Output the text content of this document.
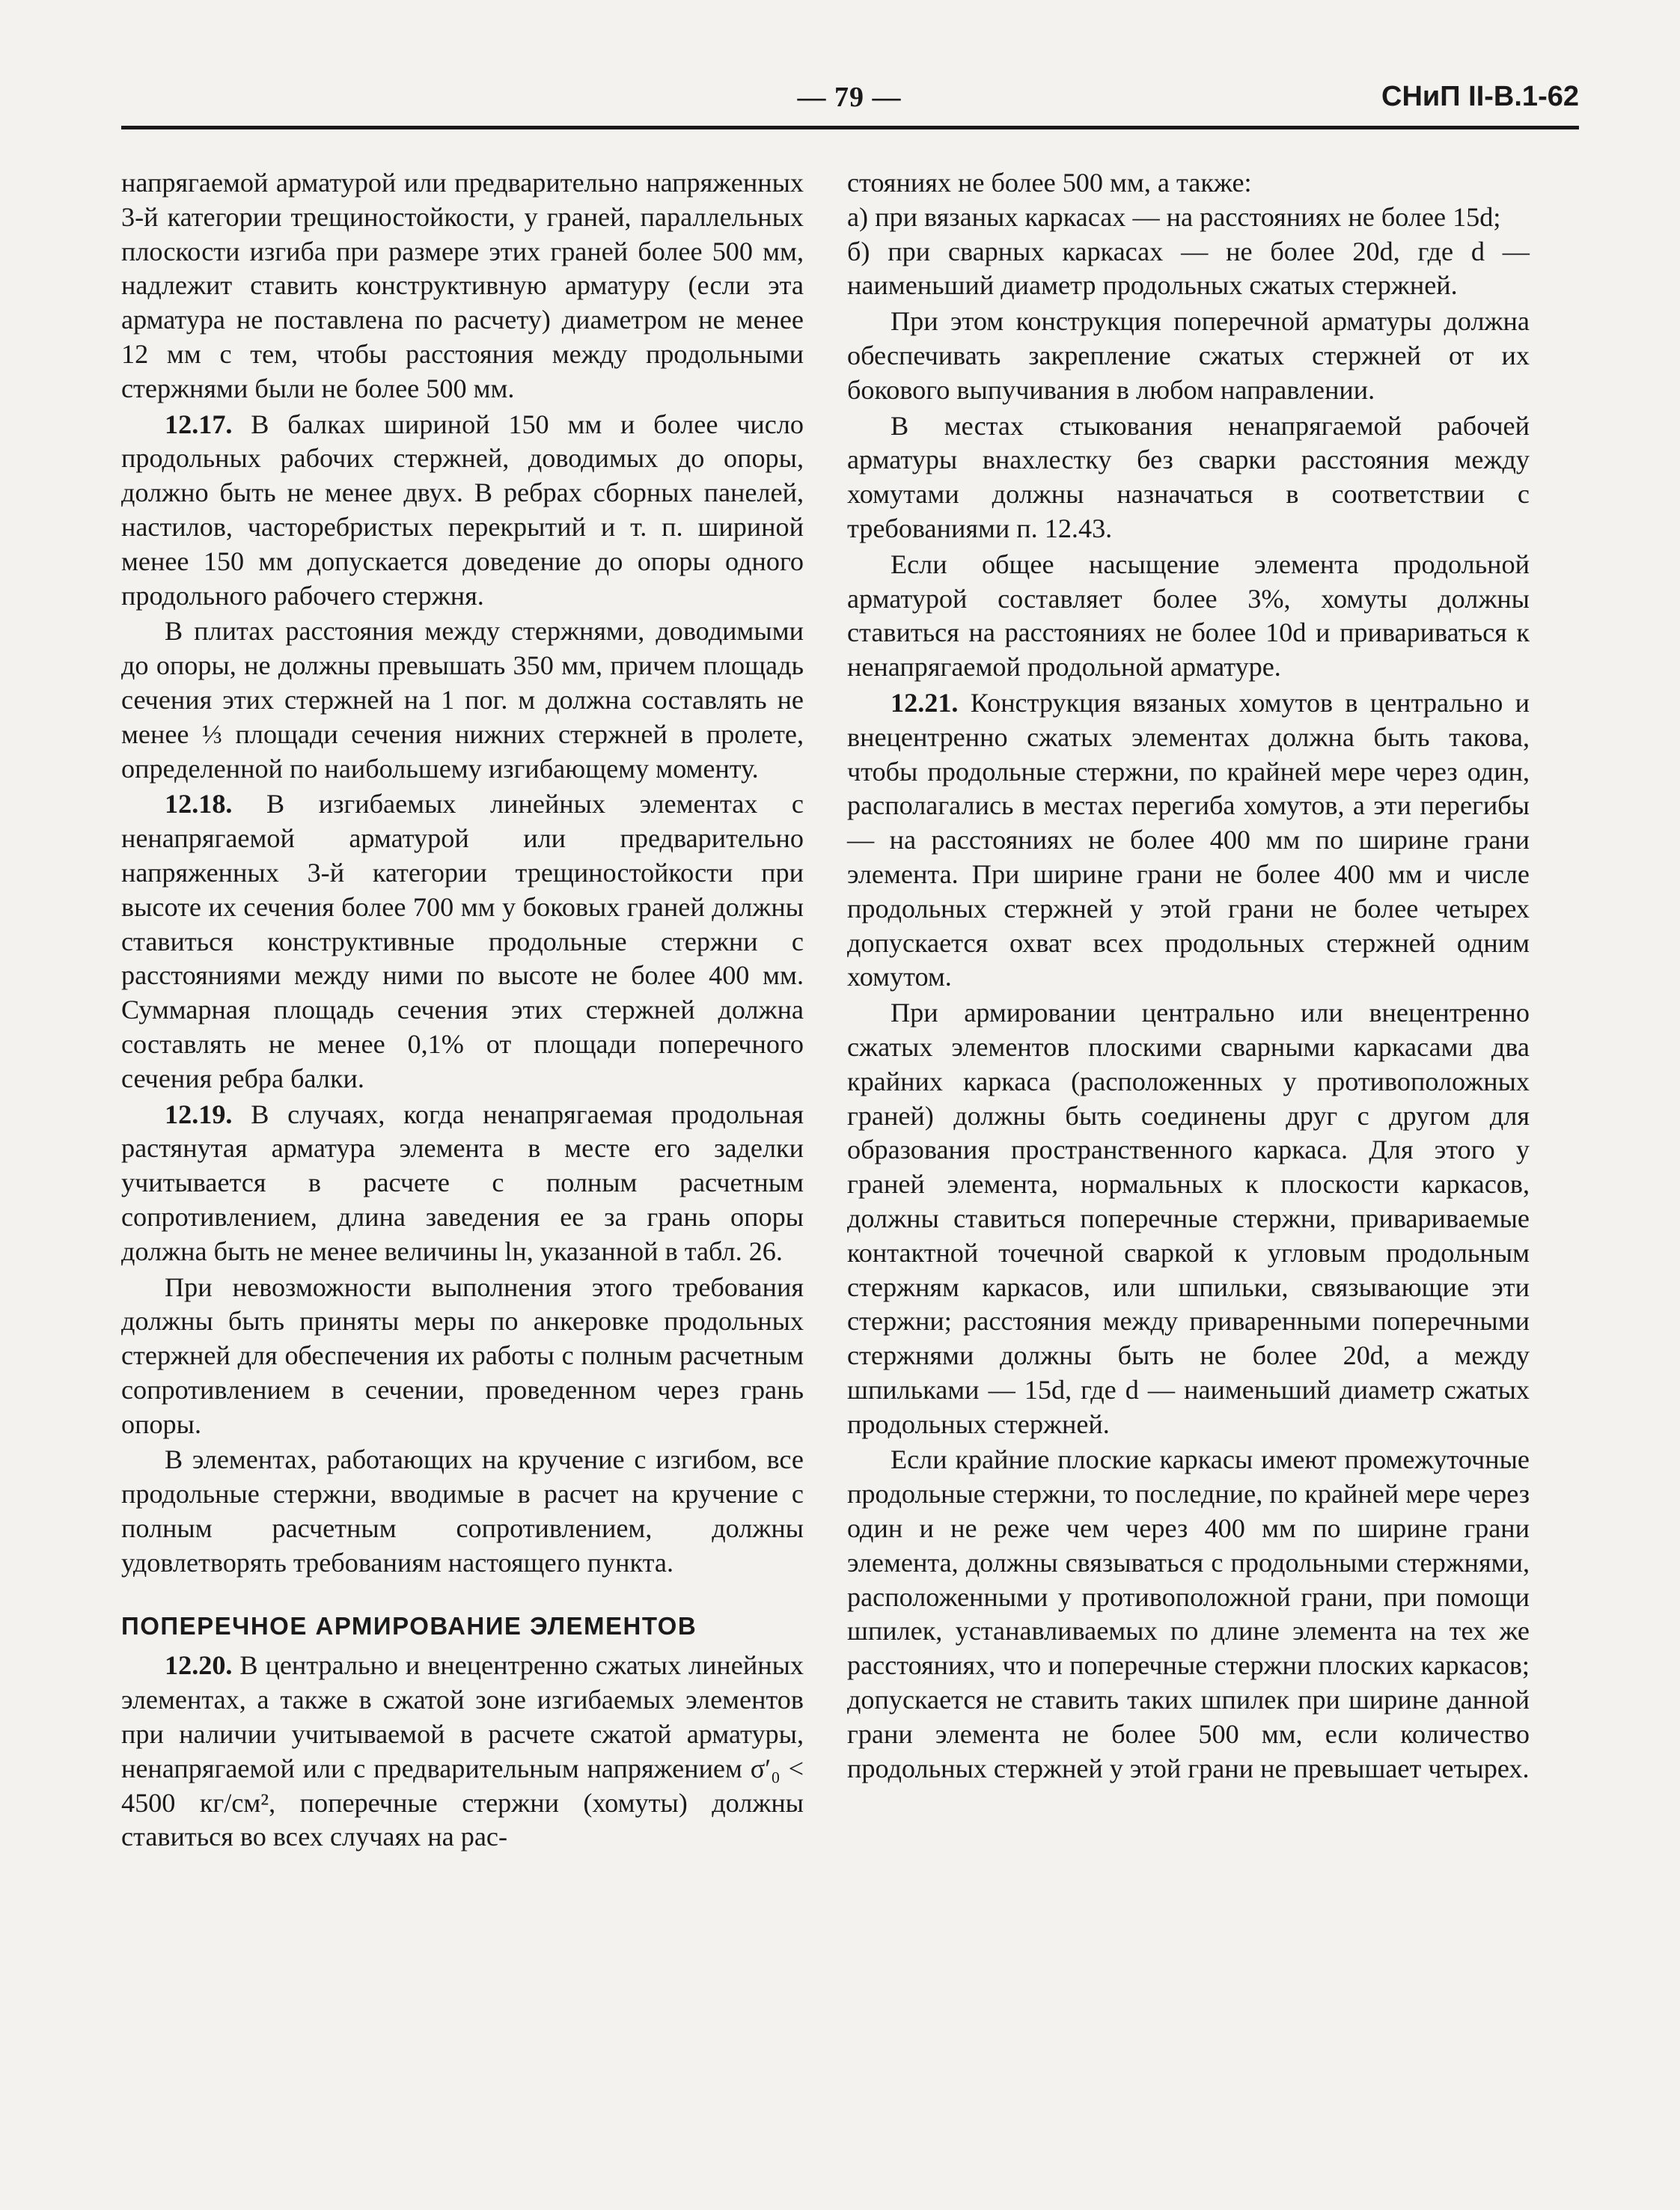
— 79 —	СНиП II-В.1-62

напрягаемой арматурой или предварительно напряженных 3-й категории трещиностойкости, у граней, параллельных плоскости изгиба при размере этих граней более 500 мм, надлежит ставить конструктивную арматуру (если эта арматура не поставлена по расчету) диаметром не менее 12 мм с тем, чтобы расстояния между продольными стержнями были не более 500 мм.

12.17. В балках шириной 150 мм и более число продольных рабочих стержней, доводимых до опоры, должно быть не менее двух. В ребрах сборных панелей, настилов, часторебристых перекрытий и т. п. шириной менее 150 мм допускается доведение до опоры одного продольного рабочего стержня.

В плитах расстояния между стержнями, доводимыми до опоры, не должны превышать 350 мм, причем площадь сечения этих стержней на 1 пог. м должна составлять не менее ⅓ площади сечения нижних стержней в пролете, определенной по наибольшему изгибающему моменту.

12.18. В изгибаемых линейных элементах с ненапрягаемой арматурой или предварительно напряженных 3-й категории трещиностойкости при высоте их сечения более 700 мм у боковых граней должны ставиться конструктивные продольные стержни с расстояниями между ними по высоте не более 400 мм. Суммарная площадь сечения этих стержней должна составлять не менее 0,1% от площади поперечного сечения ребра балки.

12.19. В случаях, когда ненапрягаемая продольная растянутая арматура элемента в месте его заделки учитывается в расчете с полным расчетным сопротивлением, длина заведения ее за грань опоры должна быть не менее величины lн, указанной в табл. 26.

При невозможности выполнения этого требования должны быть приняты меры по анкеровке продольных стержней для обеспечения их работы с полным расчетным сопротивлением в сечении, проведенном через грань опоры.

В элементах, работающих на кручение с изгибом, все продольные стержни, вводимые в расчет на кручение с полным расчетным сопротивлением, должны удовлетворять требованиям настоящего пункта.

ПОПЕРЕЧНОЕ АРМИРОВАНИЕ ЭЛЕМЕНТОВ

12.20. В центрально и внецентренно сжатых линейных элементах, а также в сжатой зоне изгибаемых элементов при наличии учитываемой в расчете сжатой арматуры, ненапрягаемой или с предварительным напряжением σ′₀ < 4500 кг/см², поперечные стержни (хомуты) должны ставиться во всех случаях на рас-

стояниях не более 500 мм, а также:

а) при вязаных каркасах — на расстояниях не более 15d;

б) при сварных каркасах — не более 20d, где d — наименьший диаметр продольных сжатых стержней.

При этом конструкция поперечной арматуры должна обеспечивать закрепление сжатых стержней от их бокового выпучивания в любом направлении.

В местах стыкования ненапрягаемой рабочей арматуры внахлестку без сварки расстояния между хомутами должны назначаться в соответствии с требованиями п. 12.43.

Если общее насыщение элемента продольной арматурой составляет более 3%, хомуты должны ставиться на расстояниях не более 10d и привариваться к ненапрягаемой продольной арматуре.

12.21. Конструкция вязаных хомутов в центрально и внецентренно сжатых элементах должна быть такова, чтобы продольные стержни, по крайней мере через один, располагались в местах перегиба хомутов, а эти перегибы — на расстояниях не более 400 мм по ширине грани элемента. При ширине грани не более 400 мм и числе продольных стержней у этой грани не более четырех допускается охват всех продольных стержней одним хомутом.

При армировании центрально или внецентренно сжатых элементов плоскими сварными каркасами два крайних каркаса (расположенных у противоположных граней) должны быть соединены друг с другом для образования пространственного каркаса. Для этого у граней элемента, нормальных к плоскости каркасов, должны ставиться поперечные стержни, привариваемые контактной точечной сваркой к угловым продольным стержням каркасов, или шпильки, связывающие эти стержни; расстояния между приваренными поперечными стержнями должны быть не более 20d, а между шпильками — 15d, где d — наименьший диаметр сжатых продольных стержней.

Если крайние плоские каркасы имеют промежуточные продольные стержни, то последние, по крайней мере через один и не реже чем через 400 мм по ширине грани элемента, должны связываться с продольными стержнями, расположенными у противоположной грани, при помощи шпилек, устанавливаемых по длине элемента на тех же расстояниях, что и поперечные стержни плоских каркасов; допускается не ставить таких шпилек при ширине данной грани элемента не более 500 мм, если количество продольных стержней у этой грани не превышает четырех.
